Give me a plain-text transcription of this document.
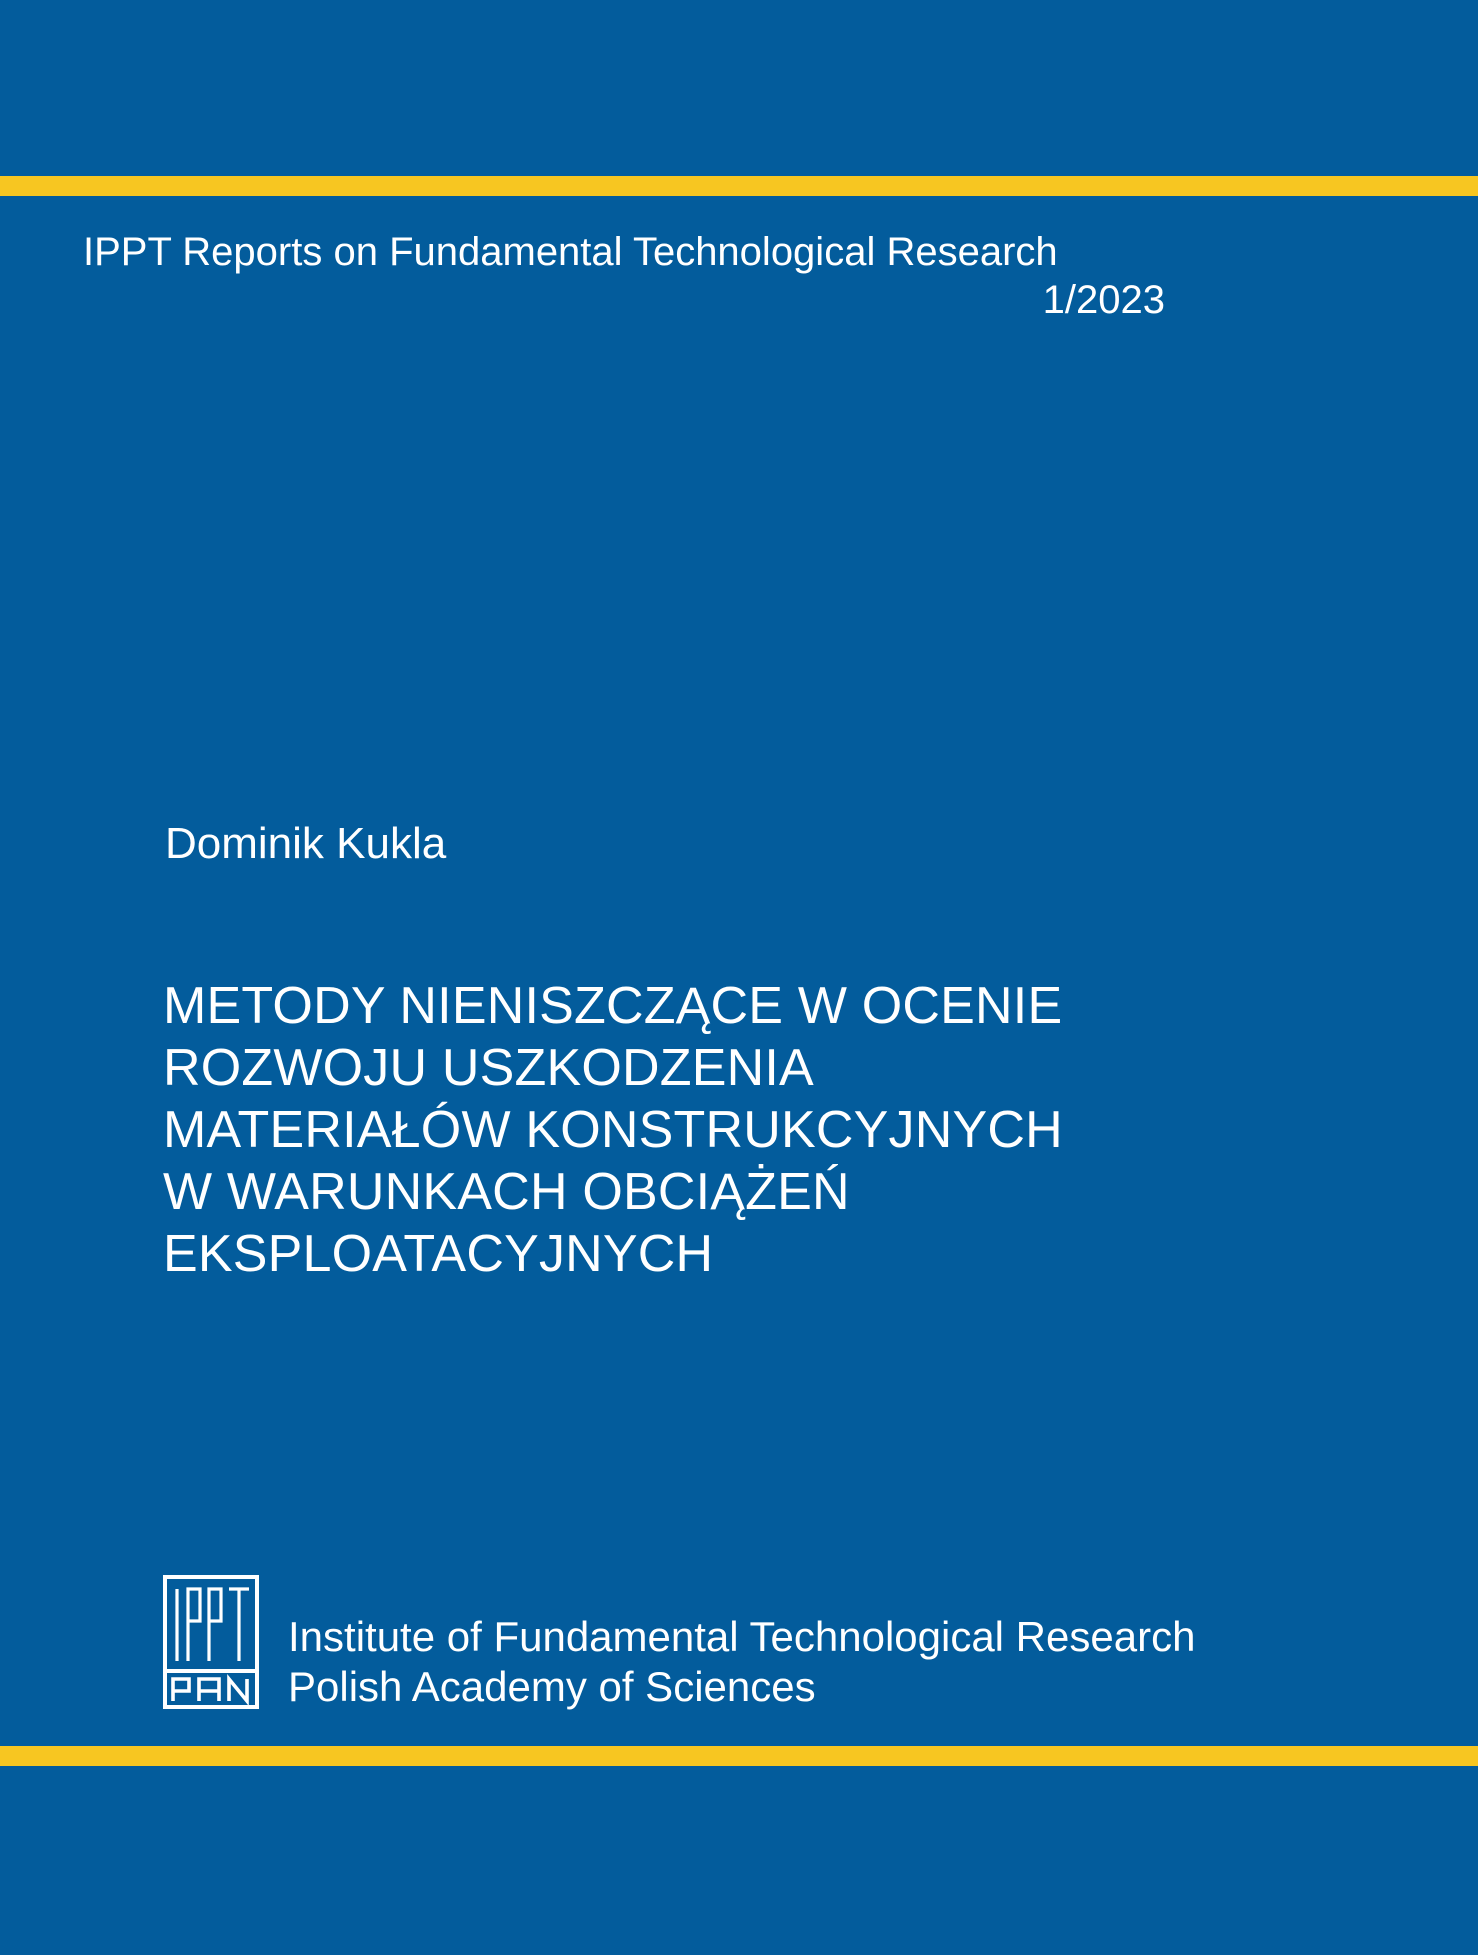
IPPT Reports on Fundamental Technological Research
1/2023
Dominik Kukla
METODY NIENISZCZĄCE W OCENIE
ROZWOJU USZKODZENIA
MATERIAŁÓW KONSTRUKCYJNYCH
W WARUNKACH OBCIĄŻEŃ
EKSPLOATACYJNYCH
Institute of Fundamental Technological Research
Polish Academy of Sciences
